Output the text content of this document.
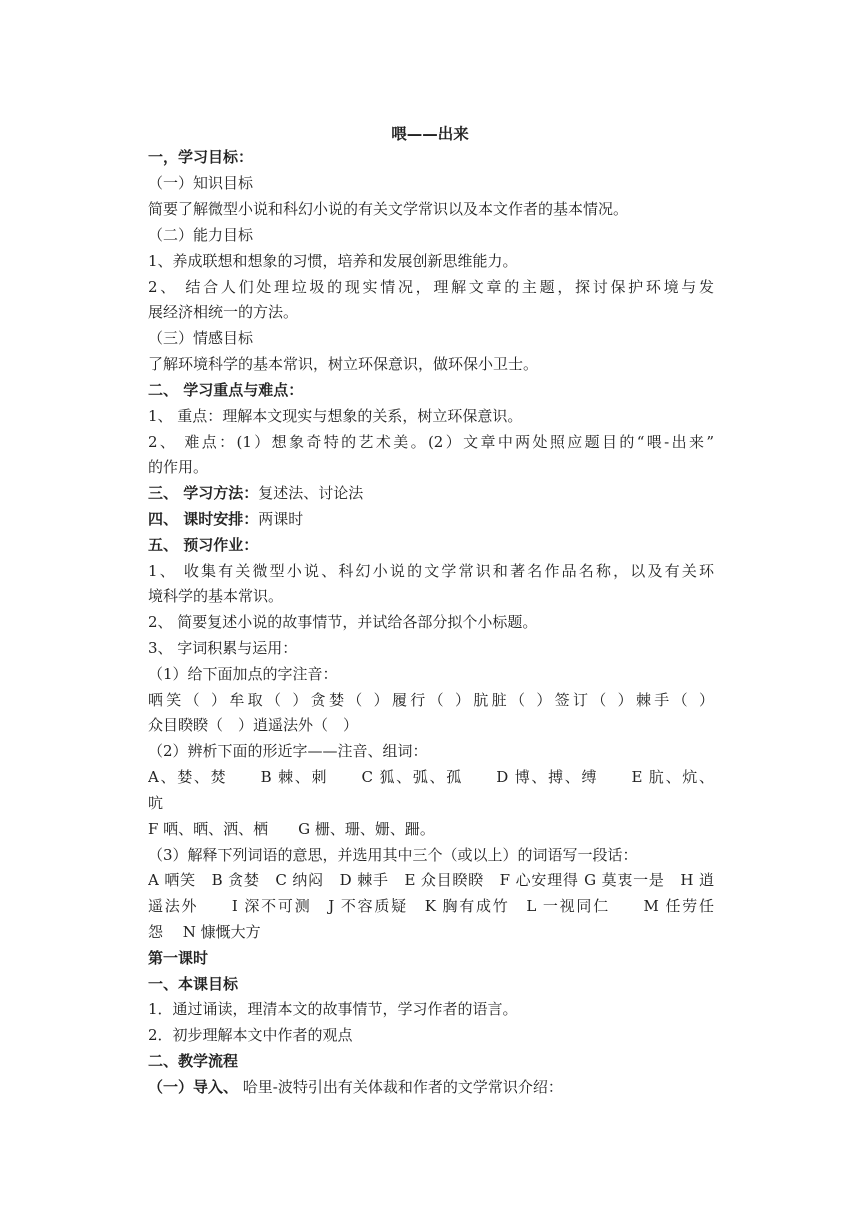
喂——出来
一，学习目标：
（一）知识目标
简要了解微型小说和科幻小说的有关文学常识以及本文作者的基本情况。
（二）能力目标
1、养成联想和想象的习惯，培养和发展创新思维能力。
2、 结合人们处理垃圾的现实情况，理解文章的主题，探讨保护环境与发
展经济相统一的方法。
（三）情感目标
了解环境科学的基本常识，树立环保意识，做环保小卫士。
二、 学习重点与难点：
1、 重点：理解本文现实与想象的关系，树立环保意识。
2、 难点：(1）想象奇特的艺术美。(2）文章中两处照应题目的“喂-出来”
的作用。
三、 学习方法：复述法、讨论法
四、 课时安排：两课时
五、 预习作业：
1、 收集有关微型小说、科幻小说的文学常识和著名作品名称，以及有关环
境科学的基本常识。
2、 简要复述小说的故事情节，并试给各部分拟个小标题。
3、 字词积累与运用：
（1）给下面加点的字注音：
哂笑（ ）牟取（ ）贪婪（ ）履行（ ）肮脏（ ）签订（ ）棘手（ ）
众目睽睽（　）逍遥法外（　）
（2）辨析下面的形近字——注音、组词：
A、婪、焚　　B 棘、刺　　C 狐、弧、孤　　D 博、搏、缚　　E 肮、炕、
吭
F 哂、晒、洒、栖　　G 栅、珊、姗、跚。
（3）解释下列词语的意思，并选用其中三个（或以上）的词语写一段话：
A 哂笑　B 贪婪　C 纳闷　D 棘手　E 众目睽睽　F 心安理得 G 莫衷一是　H 逍
遥法外　　I 深不可测　J 不容质疑　K 胸有成竹　L 一视同仁　　M 任劳任
怨　 N 慷慨大方
第一课时
一、本课目标
1．通过诵读，理清本文的故事情节，学习作者的语言。
2．初步理解本文中作者的观点
二、教学流程
（一）导入、 哈里-波特引出有关体裁和作者的文学常识介绍：
